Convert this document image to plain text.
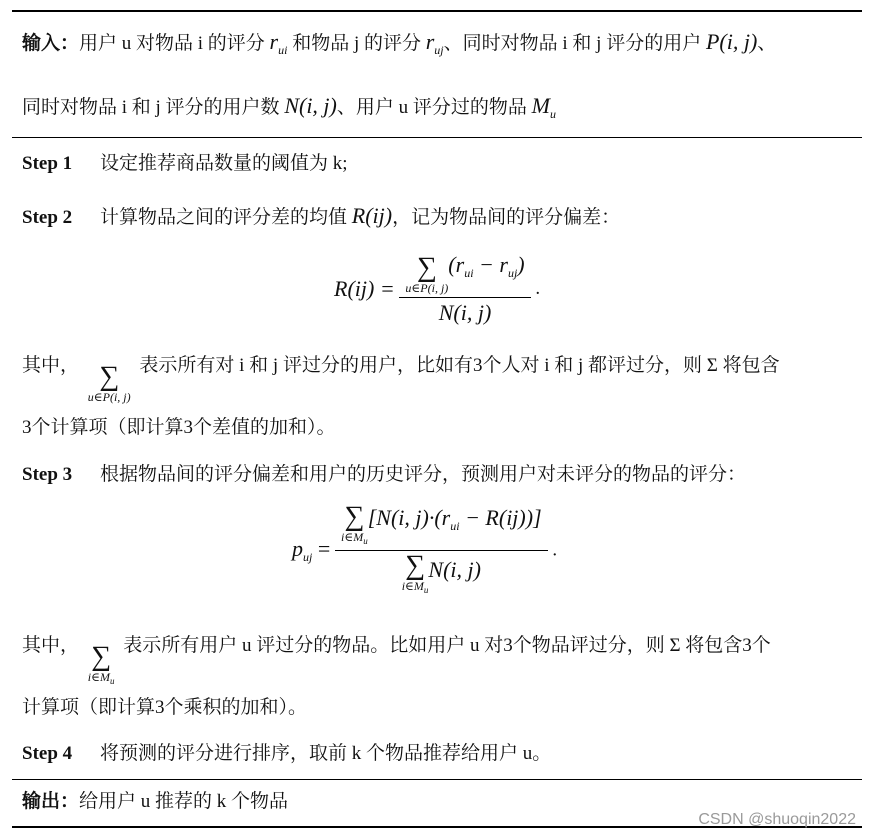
输入：用户 u 对物品 i 的评分 $r_{ui}$ 和物品 j 的评分 $r_{uj}$、同时对物品 i 和 j 评分的用户 P(i, j)、
同时对物品 i 和 j 评分的用户数 N(i, j)、用户 u 评分过的物品 $M_u$
Step 1 设定推荐商品数量的阈值为 k;
Step 2 计算物品之间的评分差的均值 R(ij)，记为物品间的评分偏差：
R(ij) = ∑
u∈P(i, j)
$(r_{ui} - r_{uj})$
N(i, j) .
其中， ∑
u∈P(i, j)
表示所有对 i 和 j 评过分的用户，比如有3个人对 i 和 j 都评过分，则 Σ 将包含
3个计算项（即计算3个差值的加和）。
Step 3 根据物品间的评分偏差和用户的历史评分，预测用户对未评分的物品的评分：
$p_{uj}$ = ∑
$i\in M_u$
[N(i, $j)\cdot(r_{ui} - R(ij))$]
∑
$i\in M_u$
N(i, j) .
其中， ∑
$i\in M_u$
表示所有用户 u 评过分的物品。比如用户 u 对3个物品评过分，则 Σ 将包含3个
计算项（即计算3个乘积的加和）。
Step 4 将预测的评分进行排序，取前 k 个物品推荐给用户 u。
输出：给用户 u 推荐的 k 个物品
CSDN @shuoqin2022
